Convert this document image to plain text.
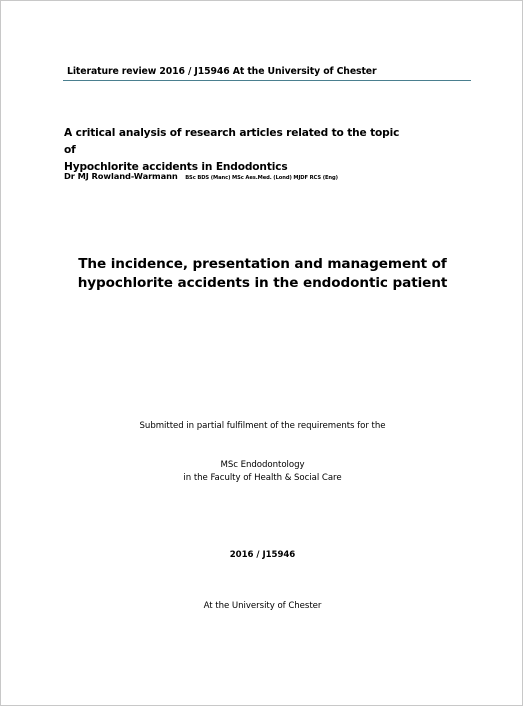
Literature review 2016 / J15946 At the University of Chester
A critical analysis of research articles related to the topic of
Hypochlorite accidents in Endodontics
Dr MJ Rowland-Warmann BSc BDS (Manc) MSc Aes.Med. (Lond) MJDF RCS (Eng)
The incidence, presentation and management of
hypochlorite accidents in the endodontic patient
Submitted in partial fulfilment of the requirements for the
MSc Endodontology
in the Faculty of Health & Social Care
2016 / J15946
At the University of Chester
